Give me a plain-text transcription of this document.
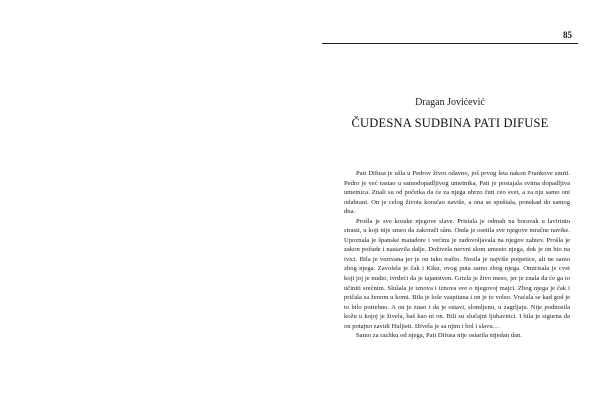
85
Dragan Jovićević
ČUDESNA SUDBINA PATI DIFUSE

Pati Difusa je ušla u Pedrov život odavno, još prvog leta nakon Frankove smrti. Pedro je već rastao u samodopadljivog umetnika, Pati je postajala svima dopadljiva umetnica. Znali su od početka da će za njega ubrzo čuti ceo svet, a za nju samo oni odabrani. On je celog života koračao naviše, a ona se spuštala, ponekad do samog dna.

Prošla je sve korake njegove slave. Pristala je odmah na boravak u lavirintu strasti, u koji nije smeo da zakorači sâm. Onda je osetila sve njegove mračne navike. Upoznala je španske matadore i većinu je zadovoljavala na njegov zahtev. Prošla je zakon požude i nastavila dalje. Doživela nervni slom umesto njega, dok je on bio na ivici. Bila je vezivana jer je on tako tražio. Nosila je najviše potpetice, ali ne samo zbog njega. Zavolela je čak i Kiku, ovog puta samo zbog njega. Omirisala je cvet koji joj je nudio, tvrdeći da je tajanstven. Grizla je živo meso, jer je znala da će ga to učiniti srećnim. Slušala je iznova i iznova sve o njegovoj majci. Zbog njega je čak i pričala sa ženom u komi. Bila je loše vaspitana i on je to voleo. Vraćala se kad god je to bilo potrebno. A on je znao i da je ostavi, slomljenu, u zagrljaju. Nije podnosila kožu u kojoj je živela, baš kao ni on. Bili su slučajni ljubavnici. I bila je sigurna da on potajno zavidi Huljieti. Iživela je sa njim i bol i slavu…

Samo za razliku od njega, Pati Difusa nije ostarila nijedan dan.
